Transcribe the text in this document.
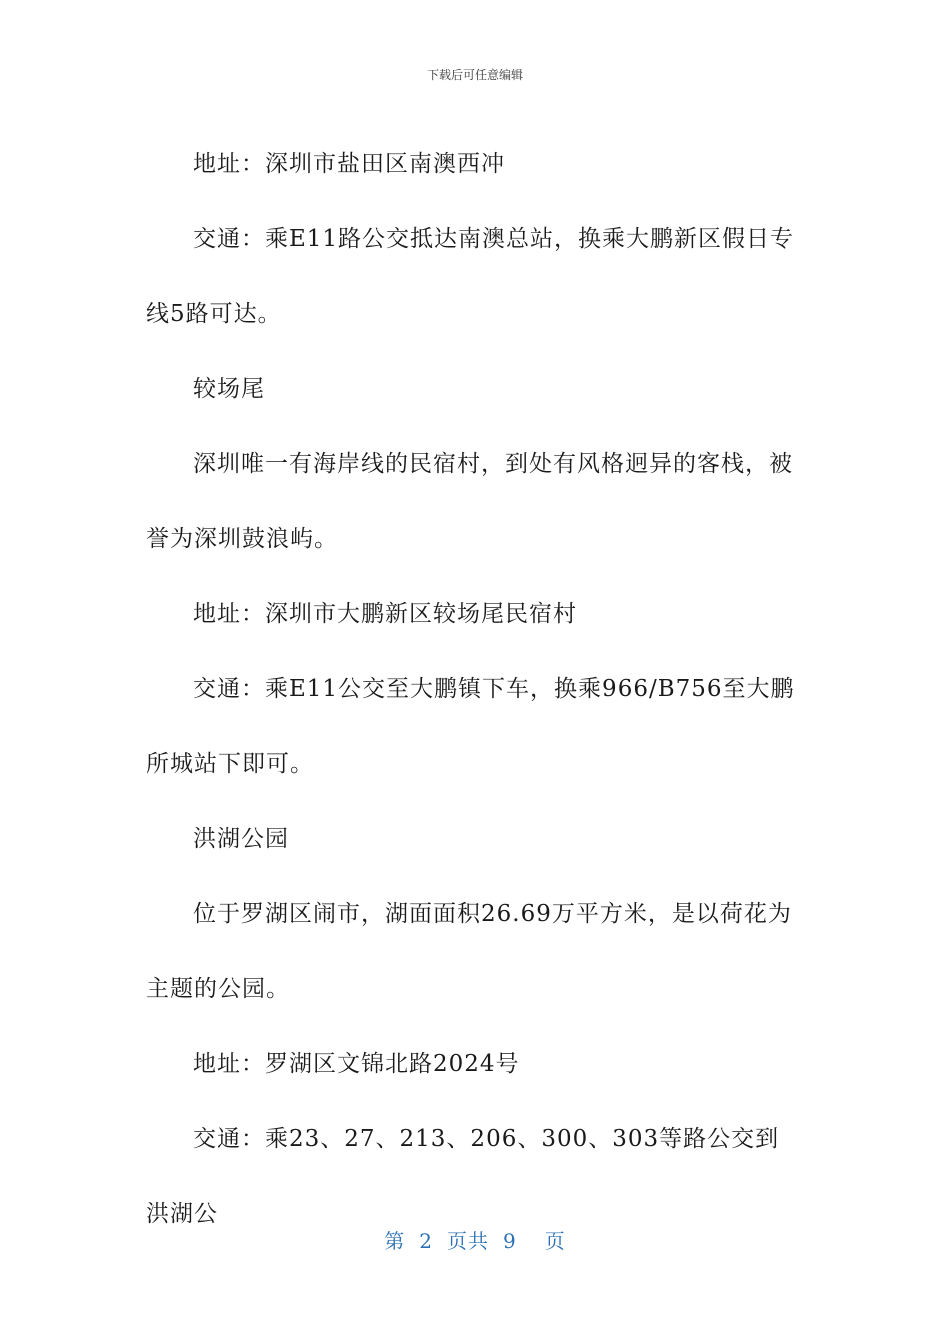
下载后可任意编辑

地址：深圳市盐田区南澳西冲

交通：乘E11路公交抵达南澳总站，换乘大鹏新区假日专线5路可达。

较场尾

深圳唯一有海岸线的民宿村，到处有风格迥异的客栈，被誉为深圳鼓浪屿。

地址：深圳市大鹏新区较场尾民宿村

交通：乘E11公交至大鹏镇下车，换乘966/B756至大鹏所城站下即可。

洪湖公园

位于罗湖区闹市，湖面面积26.69万平方米，是以荷花为主题的公园。

地址：罗湖区文锦北路2024号

交通：乘23、27、213、206、300、303等路公交到洪湖公

第 2 页共 9 页
